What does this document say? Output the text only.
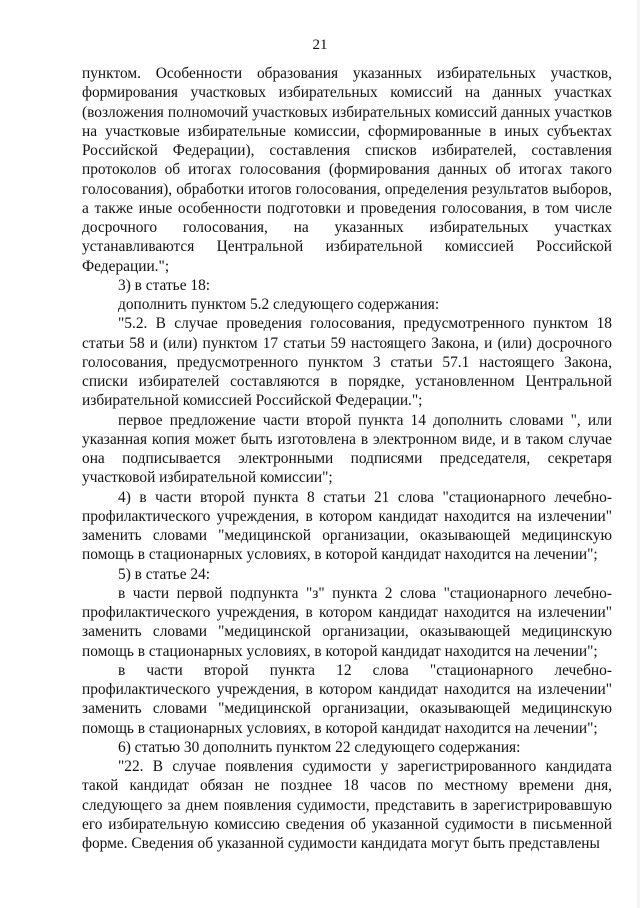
21

пунктом. Особенности образования указанных избирательных участков, формирования участковых избирательных комиссий на данных участках (возложения полномочий участковых избирательных комиссий данных участков на участковые избирательные комиссии, сформированные в иных субъектах Российской Федерации), составления списков избирателей, составления протоколов об итогах голосования (формирования данных об итогах такого голосования), обработки итогов голосования, определения результатов выборов, а также иные особенности подготовки и проведения голосования, в том числе досрочного голосования, на указанных избирательных участках устанавливаются Центральной избирательной комиссией Российской Федерации.";

3) в статье 18:

дополнить пунктом 5.2 следующего содержания:

"5.2. В случае проведения голосования, предусмотренного пунктом 18 статьи 58 и (или) пунктом 17 статьи 59 настоящего Закона, и (или) досрочного голосования, предусмотренного пунктом 3 статьи 57.1 настоящего Закона, списки избирателей составляются в порядке, установленном Центральной избирательной комиссией Российской Федерации.";

первое предложение части второй пункта 14 дополнить словами ", или указанная копия может быть изготовлена в электронном виде, и в таком случае она подписывается электронными подписями председателя, секретаря участковой избирательной комиссии";

4) в части второй пункта 8 статьи 21 слова "стационарного лечебно-профилактического учреждения, в котором кандидат находится на излечении" заменить словами "медицинской организации, оказывающей медицинскую помощь в стационарных условиях, в которой кандидат находится на лечении";

5) в статье 24:

в части первой подпункта "з" пункта 2 слова "стационарного лечебно-профилактического учреждения, в котором кандидат находится на излечении" заменить словами "медицинской организации, оказывающей медицинскую помощь в стационарных условиях, в которой кандидат находится на лечении";

в части второй пункта 12 слова "стационарного лечебно-профилактического учреждения, в котором кандидат находится на излечении" заменить словами "медицинской организации, оказывающей медицинскую помощь в стационарных условиях, в которой кандидат находится на лечении";

6) статью 30 дополнить пунктом 22 следующего содержания:

"22. В случае появления судимости у зарегистрированного кандидата такой кандидат обязан не позднее 18 часов по местному времени дня, следующего за днем появления судимости, представить в зарегистрировавшую его избирательную комиссию сведения об указанной судимости в письменной форме. Сведения об указанной судимости кандидата могут быть представлены
